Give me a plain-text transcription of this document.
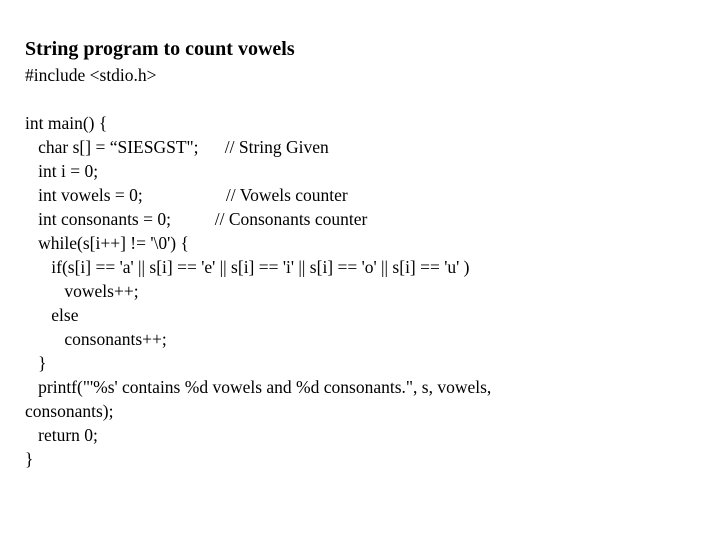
String program to count vowels
#include <stdio.h>
int main() {
char s[] = “SIESGST";      // String Given
int i = 0;
int vowels = 0;                   // Vowels counter
int consonants = 0;          // Consonants counter
while(s[i++] != '\0') {
if(s[i] == 'a' || s[i] == 'e' || s[i] == 'i' || s[i] == 'o' || s[i] == 'u' )
vowels++;
else
consonants++;
}
printf("'%s' contains %d vowels and %d consonants.", s, vowels,
consonants);
return 0;
}
